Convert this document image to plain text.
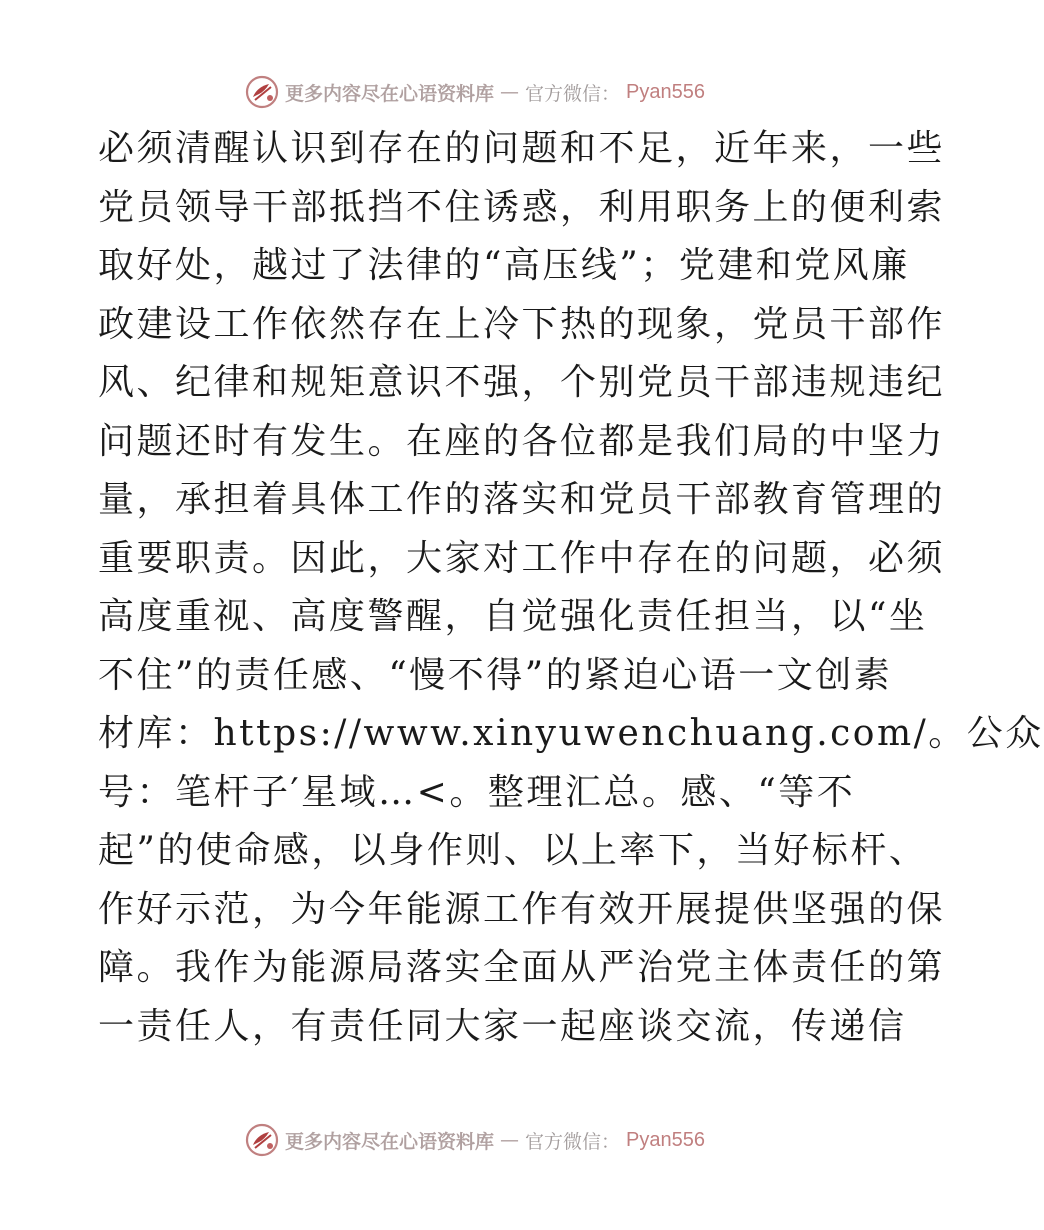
更多内容尽在心语资料库 — 官方微信： Pyan556
必须清醒认识到存在的问题和不足，近年来，一些
党员领导干部抵挡不住诱惑，利用职务上的便利索
取好处，越过了法律的“高压线”；党建和党风廉
政建设工作依然存在上冷下热的现象，党员干部作
风、纪律和规矩意识不强，个别党员干部违规违纪
问题还时有发生。在座的各位都是我们局的中坚力
量，承担着具体工作的落实和党员干部教育管理的
重要职责。因此，大家对工作中存在的问题，必须
高度重视、高度警醒，自觉强化责任担当，以“坐
不住”的责任感、“慢不得”的紧迫心语一文创素
材库：https://www.xinyuwenchuang.com/。公众
号：笔杆子′星域…<。整理汇总。感、“等不
起”的使命感，以身作则、以上率下，当好标杆、
作好示范，为今年能源工作有效开展提供坚强的保
障。我作为能源局落实全面从严治党主体责任的第
一责任人，有责任同大家一起座谈交流，传递信
更多内容尽在心语资料库 — 官方微信： Pyan556
